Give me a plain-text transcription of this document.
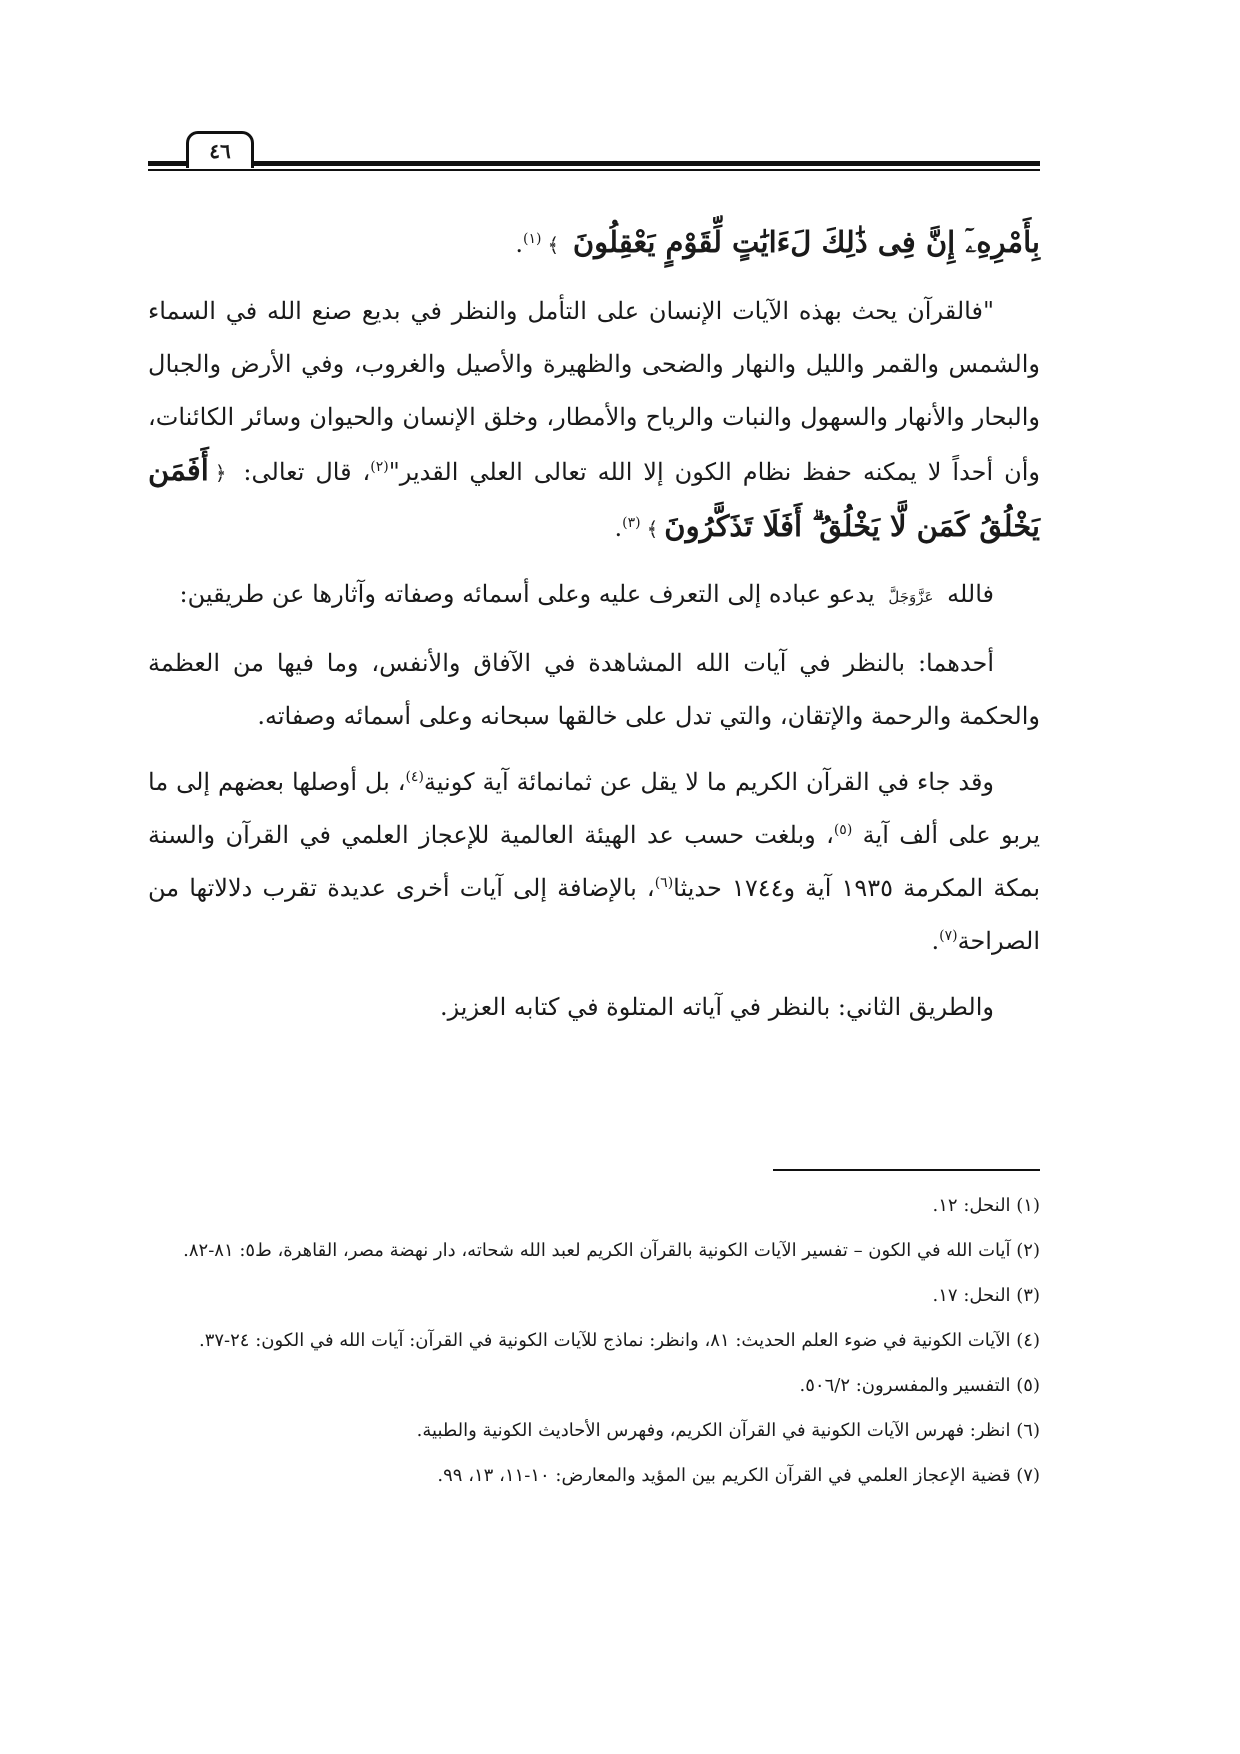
٤٦

بِأَمْرِهِۦٓ إِنَّ فِى ذَٰلِكَ لَءَايَٰتٍ لِّقَوْمٍ يَعْقِلُونَ ﴾$^{(١)}$.

"فالقرآن يحث بهذه الآيات الإنسان على التأمل والنظر في بديع صنع الله في السماء والشمس والقمر والليل والنهار والضحى والظهيرة والأصيل والغروب، وفي الأرض والجبال والبحار والأنهار والسهول والنبات والرياح والأمطار، وخلق الإنسان والحيوان وسائر الكائنات، وأن أحداً لا يمكنه حفظ نظام الكون إلا الله تعالى العلي القدير"$^{(٢)}$، قال تعالى: ﴿أَفَمَن يَخْلُقُ كَمَن لَّا يَخْلُقُ ۗ أَفَلَا تَذَكَّرُونَ﴾$^{(٣)}$.

فالله عَزَّوَجَلَّ يدعو عباده إلى التعرف عليه وعلى أسمائه وصفاته وآثارها عن طريقين:

أحدهما: بالنظر في آيات الله المشاهدة في الآفاق والأنفس، وما فيها من العظمة والحكمة والرحمة والإتقان، والتي تدل على خالقها سبحانه وعلى أسمائه وصفاته.

وقد جاء في القرآن الكريم ما لا يقل عن ثمانمائة آية كونية$^{(٤)}$، بل أوصلها بعضهم إلى ما يربو على ألف آية $^{(٥)}$، وبلغت حسب عد الهيئة العالمية للإعجاز العلمي في القرآن والسنة بمكة المكرمة ١٩٣٥ آية و١٧٤٤ حديثا$^{(٦)}$، بالإضافة إلى آيات أخرى عديدة تقرب دلالاتها من الصراحة$^{(٧)}$.

والطريق الثاني: بالنظر في آياته المتلوة في كتابه العزيز.

(١) النحل: ١٢.

(٢) آيات الله في الكون – تفسير الآيات الكونية بالقرآن الكريم لعبد الله شحاته، دار نهضة مصر، القاهرة، ط٥: ٨١-٨٢.

(٣) النحل: ١٧.

(٤) الآيات الكونية في ضوء العلم الحديث: ٨١، وانظر: نماذج للآيات الكونية في القرآن: آيات الله في الكون: ٢٤-٣٧.

(٥) التفسير والمفسرون: ٥٠٦/٢.

(٦) انظر: فهرس الآيات الكونية في القرآن الكريم، وفهرس الأحاديث الكونية والطبية.

(٧) قضية الإعجاز العلمي في القرآن الكريم بين المؤيد والمعارض: ١٠-١١، ١٣، ٩٩.
